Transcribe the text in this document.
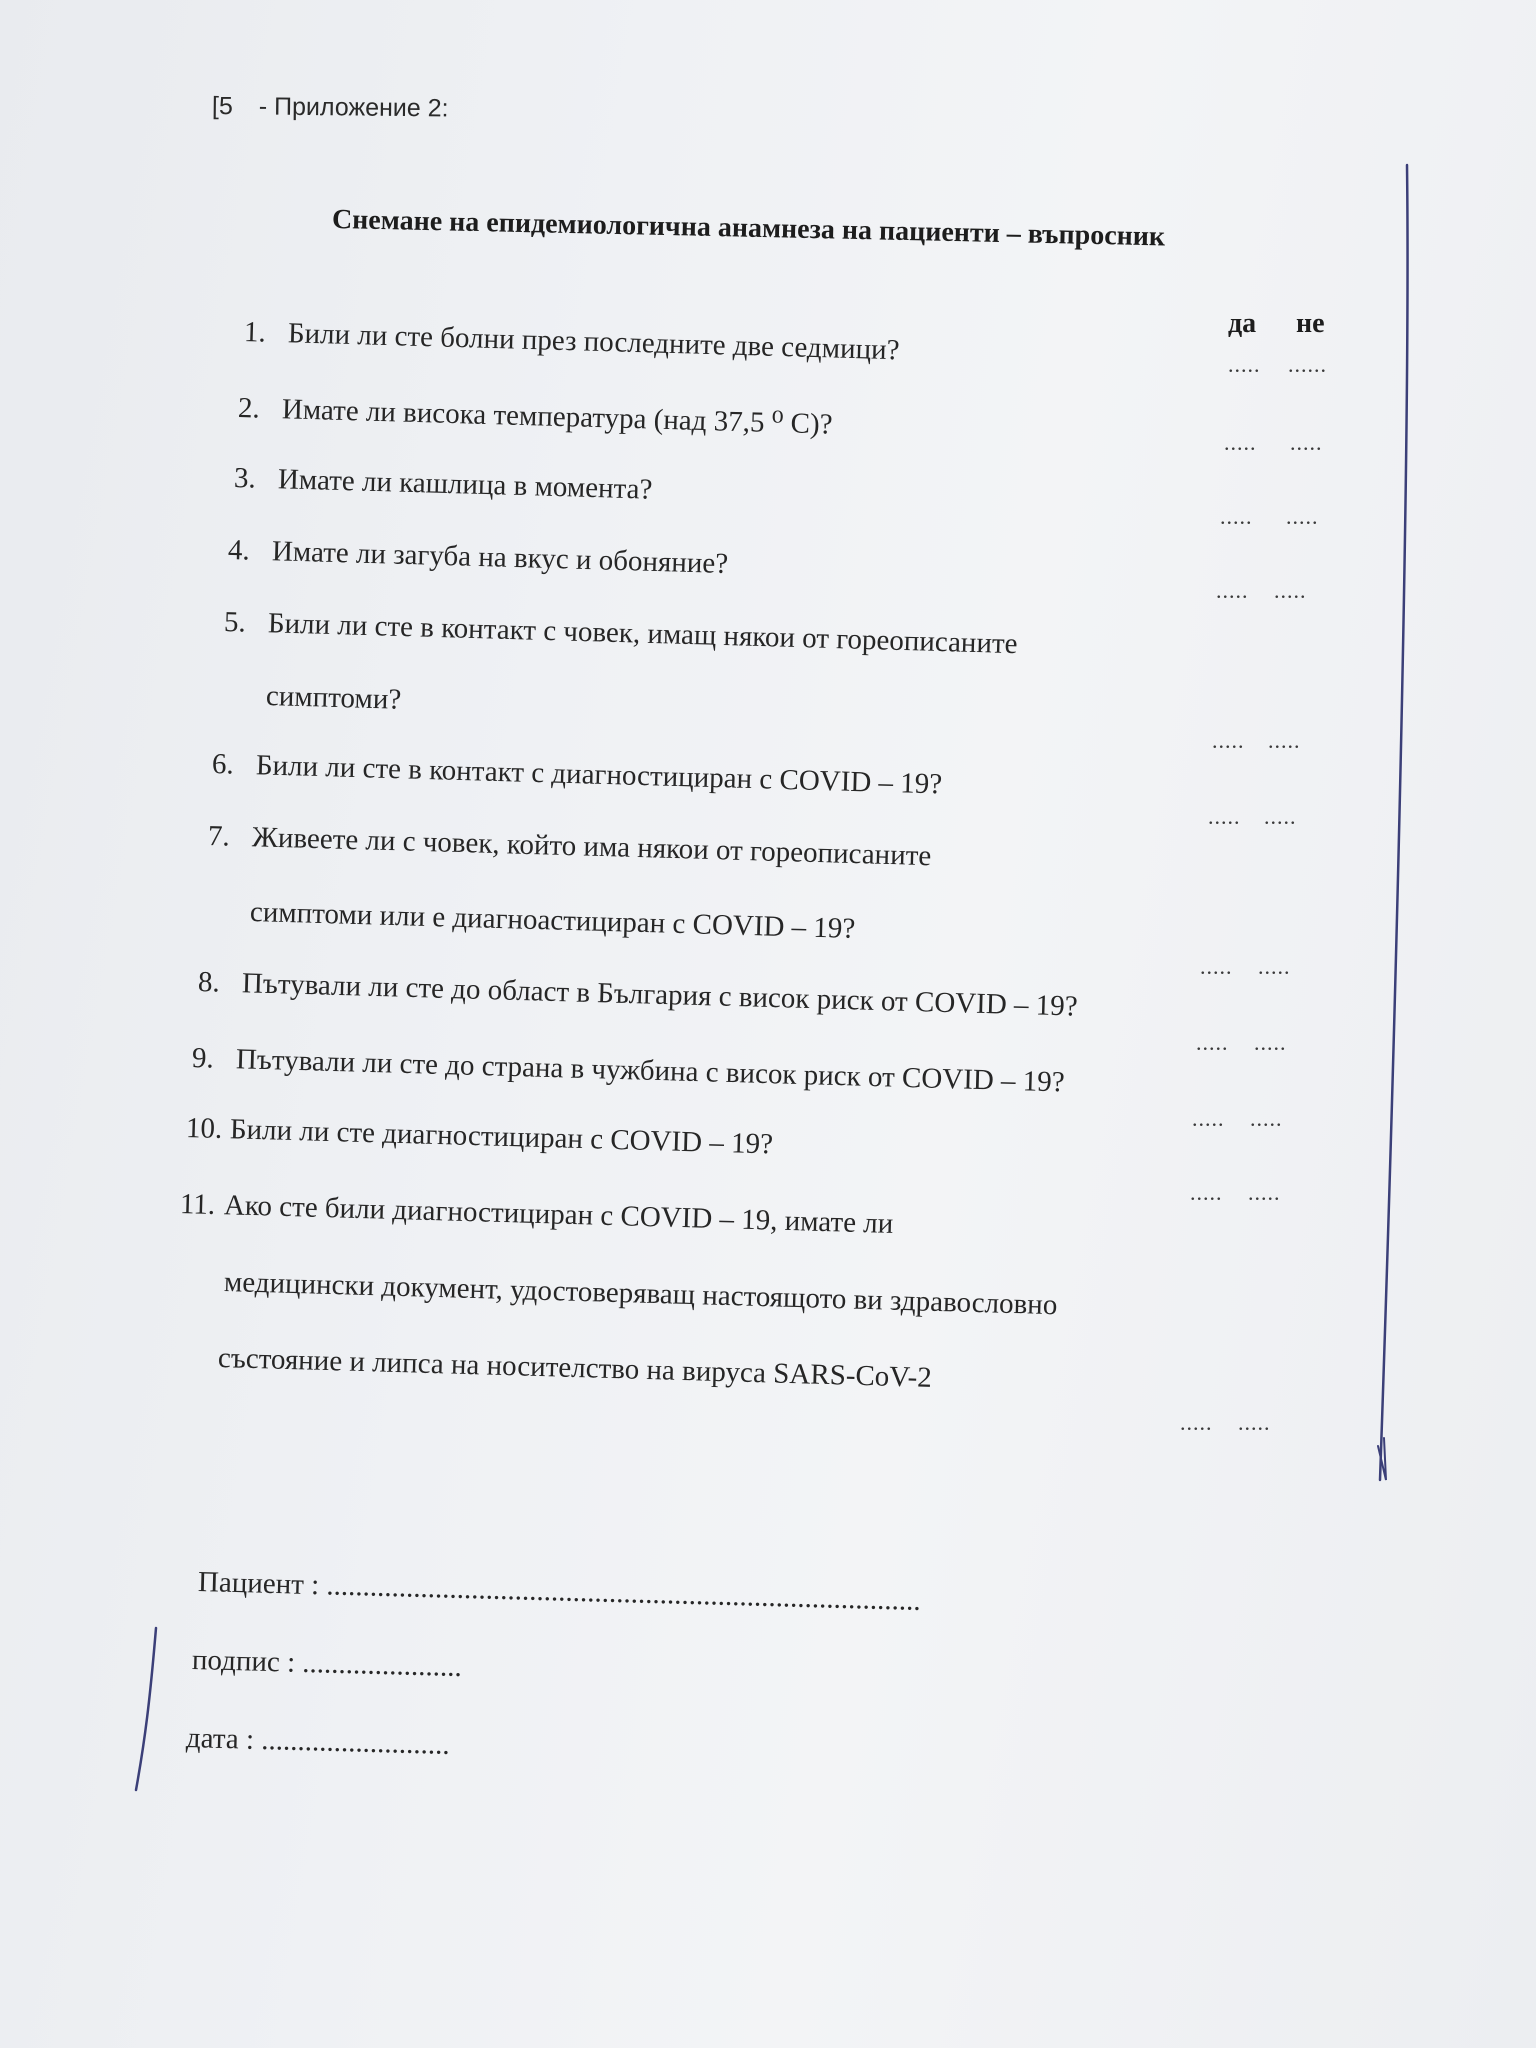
[5 - Приложение 2:
Снемане на епидемиологична анамнеза на пациенти – въпросник
да не
1. Били ли сте болни през последните две седмици?	..... ......
2. Имате ли висока температура (над 37,5 ⁰ C)?
..... .....
3. Имате ли кашлица в момента?
..... .....
4. Имате ли загуба на вкус и обоняние?
..... .....
5. Били ли сте в контакт с човек, имащ някои от гореописаните
симптоми?
..... .....
6. Били ли сте в контакт с диагностициран с COVID – 19?
..... .....
7. Живеете ли с човек, който има някои от гореописаните
симптоми или е диагноастициран с COVID – 19?
..... .....
8. Пътували ли сте до област в България с висок риск от COVID – 19?
..... .....
9. Пътували ли сте до страна в чужбина с висок риск от COVID – 19?
..... .....
10. Били ли сте диагностициран с COVID – 19?
..... .....
11. Ако сте били диагностициран с COVID – 19, имате ли
медицински документ, удостоверяващ настоящото ви здравословно
състояние и липса на носителство на вируса SARS-CoV-2
..... .....
Пациент : ..................................................................................
подпис : ......................
дата : ..........................
